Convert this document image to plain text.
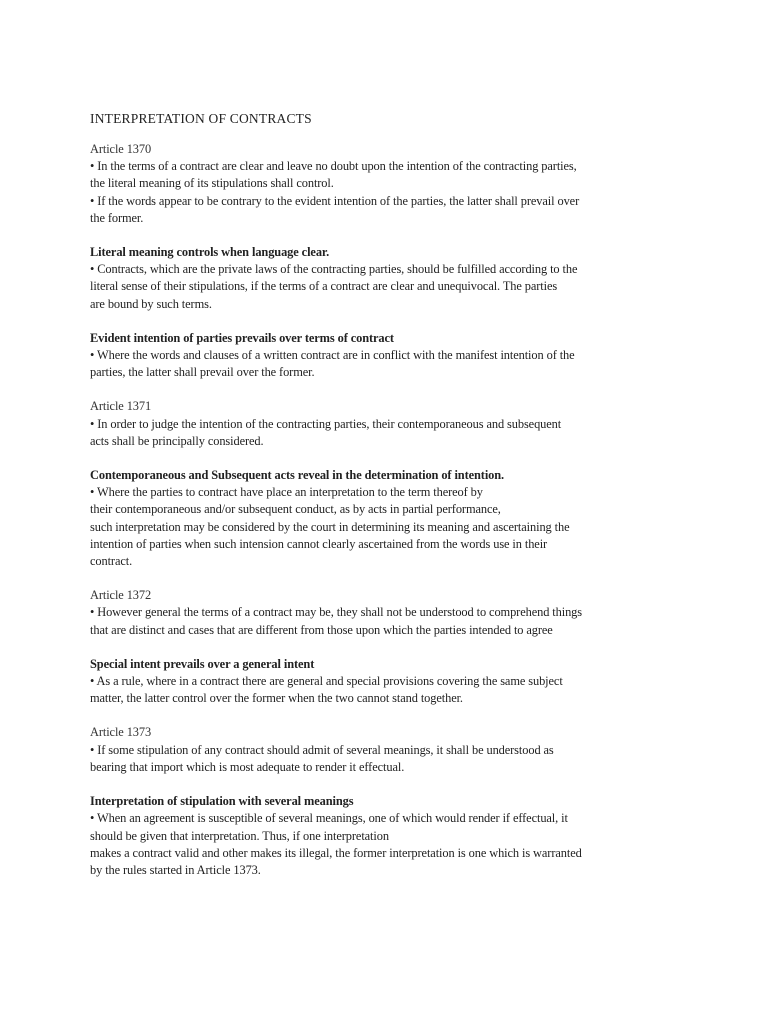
INTERPRETATION OF CONTRACTS
Article 1370
• In the terms of a contract are clear and leave no doubt upon the intention of the contracting parties,
the literal meaning of its stipulations shall control.
• If the words appear to be contrary to the evident intention of the parties, the latter shall prevail over
the former.
Literal meaning controls when language clear.
• Contracts, which are the private laws of the contracting parties, should be fulfilled according to the
literal sense of their stipulations, if the terms of a contract are clear and unequivocal. The parties
are bound by such terms.
Evident intention of parties prevails over terms of contract
• Where the words and clauses of a written contract are in conflict with the manifest intention of the
parties, the latter shall prevail over the former.
Article 1371
• In order to judge the intention of the contracting parties, their contemporaneous and subsequent
acts shall be principally considered.
Contemporaneous and Subsequent acts reveal in the determination of intention.
• Where the parties to contract have place an interpretation to the term thereof by
their contemporaneous and/or subsequent conduct, as by acts in partial performance,
such interpretation may be considered by the court in determining its meaning and ascertaining the
intention of parties when such intension cannot clearly ascertained from the words use in their
contract.
Article 1372
• However general the terms of a contract may be, they shall not be understood to comprehend things
that are distinct and cases that are different from those upon which the parties intended to agree
Special intent prevails over a general intent
• As a rule, where in a contract there are general and special provisions covering the same subject
matter, the latter control over the former when the two cannot stand together.
Article 1373
• If some stipulation of any contract should admit of several meanings, it shall be understood as
bearing that import which is most adequate to render it effectual.
Interpretation of stipulation with several meanings
• When an agreement is susceptible of several meanings, one of which would render if effectual, it
should be given that interpretation. Thus, if one interpretation
makes a contract valid and other makes its illegal, the former interpretation is one which is warranted
by the rules started in Article 1373.
